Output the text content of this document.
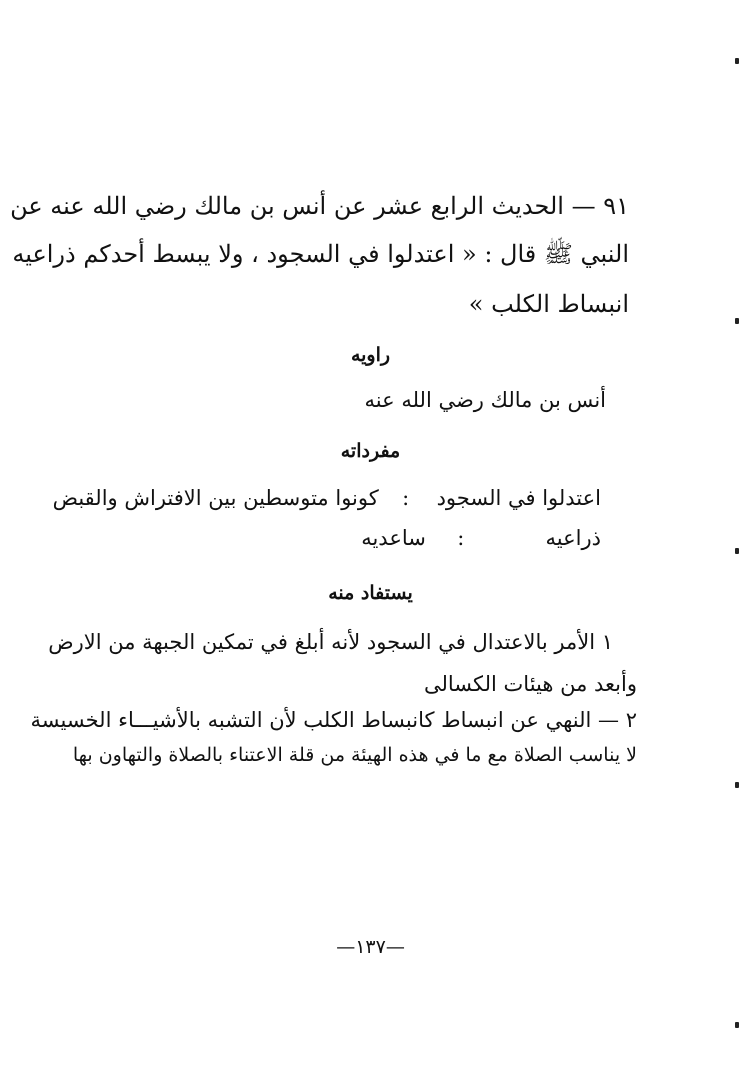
٩١ — الحديث الرابع عشر عن أنس بن مالك رضي الله عنه عن
النبي ﷺ قال : « اعتدلوا في السجود ، ولا يبسط أحدكم ذراعيه
انبساط الكلب »
راويه
أنس بن مالك رضي الله عنه
مفرداته
اعتدلوا في السجود  :  كونوا متوسطين بين الافتراش والقبض
ذراعيه :  ساعديه
يستفاد منه
١ الأمر بالاعتدال في السجود لأنه أبلغ في تمكين الجبهة من الارض
وأبعد من هيئات الكسالى
٢ — النهي عن انبساط كانبساط الكلب لأن التشبه بالأشيـــاء الخسيسة
لا يناسب الصلاة مع ما في هذه الهيئة من قلة الاعتناء بالصلاة والتهاون بها
—١٣٧—
